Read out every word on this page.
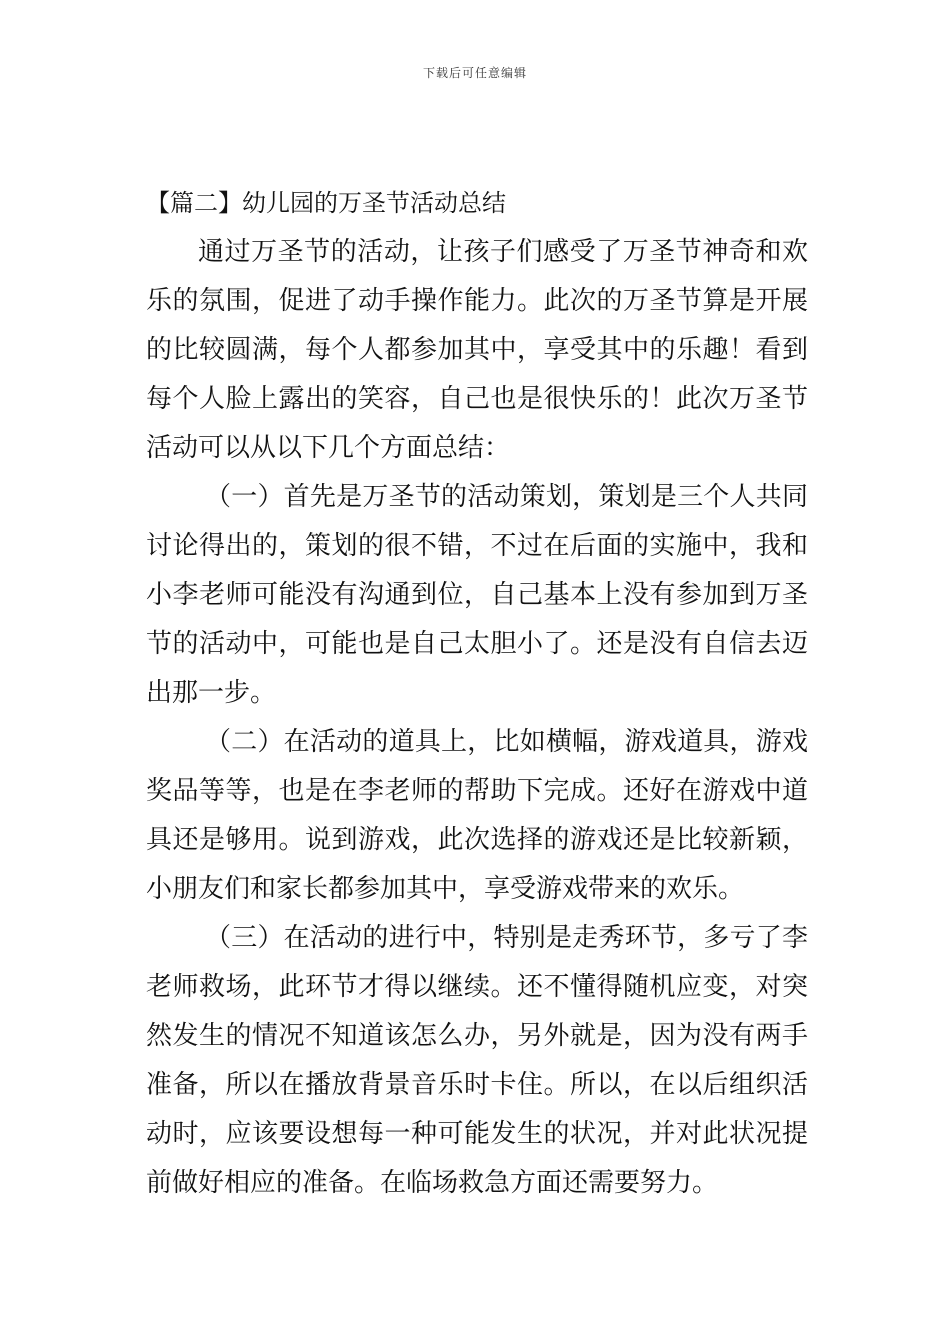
下载后可任意编辑
【篇二】幼儿园的万圣节活动总结

通过万圣节的活动，让孩子们感受了万圣节神奇和欢乐的氛围，促进了动手操作能力。此次的万圣节算是开展的比较圆满，每个人都参加其中，享受其中的乐趣！看到每个人脸上露出的笑容，自己也是很快乐的！此次万圣节活动可以从以下几个方面总结：

（一）首先是万圣节的活动策划，策划是三个人共同讨论得出的，策划的很不错，不过在后面的实施中，我和小李老师可能没有沟通到位，自己基本上没有参加到万圣节的活动中，可能也是自己太胆小了。还是没有自信去迈出那一步。

（二）在活动的道具上，比如横幅，游戏道具，游戏奖品等等，也是在李老师的帮助下完成。还好在游戏中道具还是够用。说到游戏，此次选择的游戏还是比较新颖，小朋友们和家长都参加其中，享受游戏带来的欢乐。

（三）在活动的进行中，特别是走秀环节，多亏了李老师救场，此环节才得以继续。还不懂得随机应变，对突然发生的情况不知道该怎么办，另外就是，因为没有两手准备，所以在播放背景音乐时卡住。所以，在以后组织活动时，应该要设想每一种可能发生的状况，并对此状况提前做好相应的准备。在临场救急方面还需要努力。
